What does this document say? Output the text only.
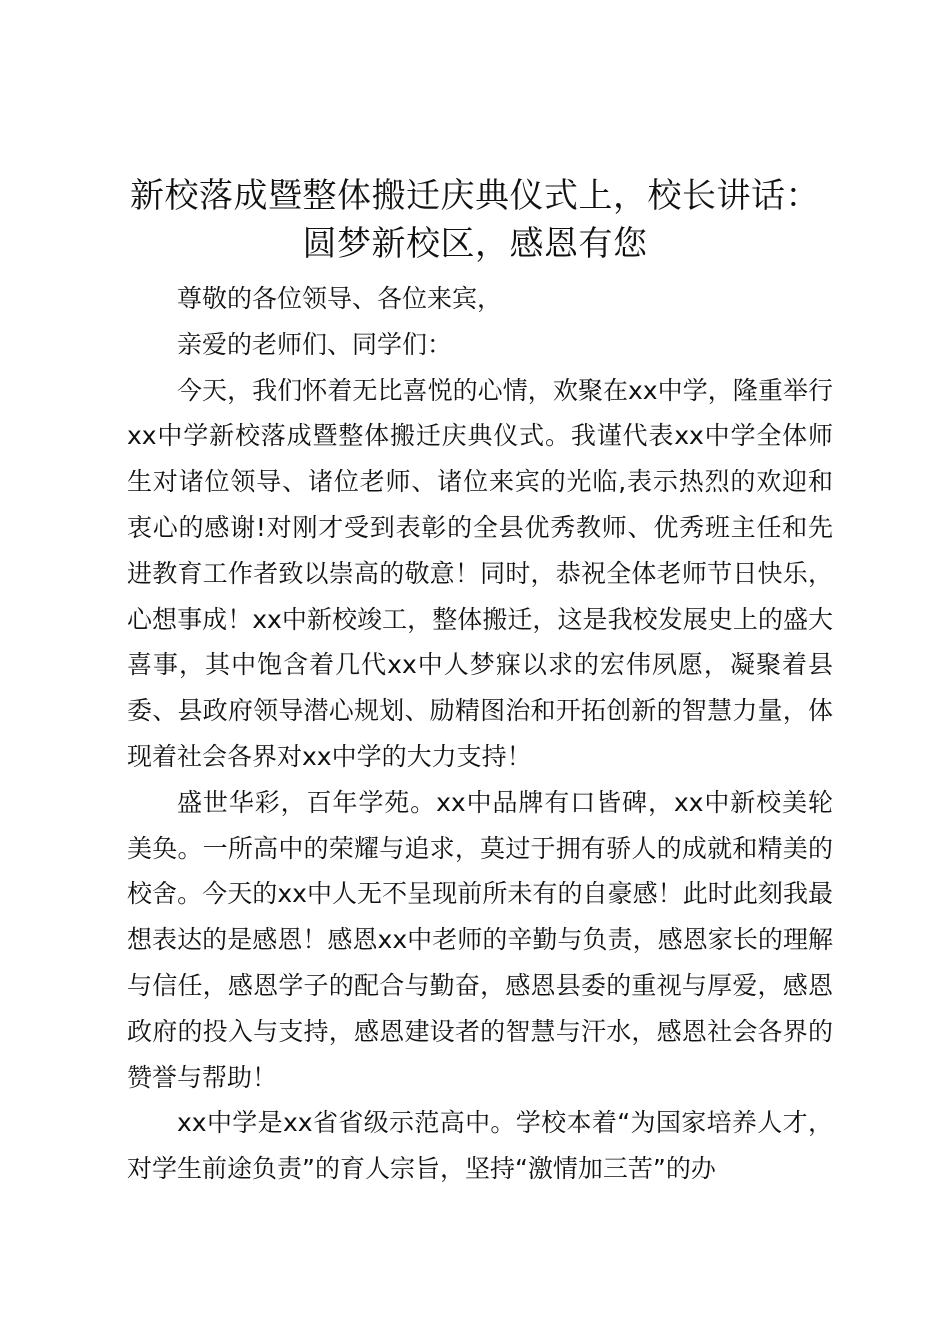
新校落成暨整体搬迁庆典仪式上，校长讲话：
圆梦新校区，感恩有您

尊敬的各位领导、各位来宾，

亲爱的老师们、同学们：

今天，我们怀着无比喜悦的心情，欢聚在xx中学，隆重举行xx中学新校落成暨整体搬迁庆典仪式。我谨代表xx中学全体师生对诸位领导、诸位老师、诸位来宾的光临,表示热烈的欢迎和衷心的感谢!对刚才受到表彰的全县优秀教师、优秀班主任和先进教育工作者致以崇高的敬意！同时，恭祝全体老师节日快乐，心想事成！xx中新校竣工，整体搬迁，这是我校发展史上的盛大喜事，其中饱含着几代xx中人梦寐以求的宏伟夙愿，凝聚着县委、县政府领导潜心规划、励精图治和开拓创新的智慧力量，体现着社会各界对xx中学的大力支持！

盛世华彩，百年学苑。xx中品牌有口皆碑，xx中新校美轮美奂。一所高中的荣耀与追求，莫过于拥有骄人的成就和精美的校舍。今天的xx中人无不呈现前所未有的自豪感！此时此刻我最想表达的是感恩！感恩xx中老师的辛勤与负责，感恩家长的理解与信任，感恩学子的配合与勤奋，感恩县委的重视与厚爱，感恩政府的投入与支持，感恩建设者的智慧与汗水，感恩社会各界的赞誉与帮助！

xx中学是xx省省级示范高中。学校本着“为国家培养人才，对学生前途负责”的育人宗旨，坚持“激情加三苦”的办
